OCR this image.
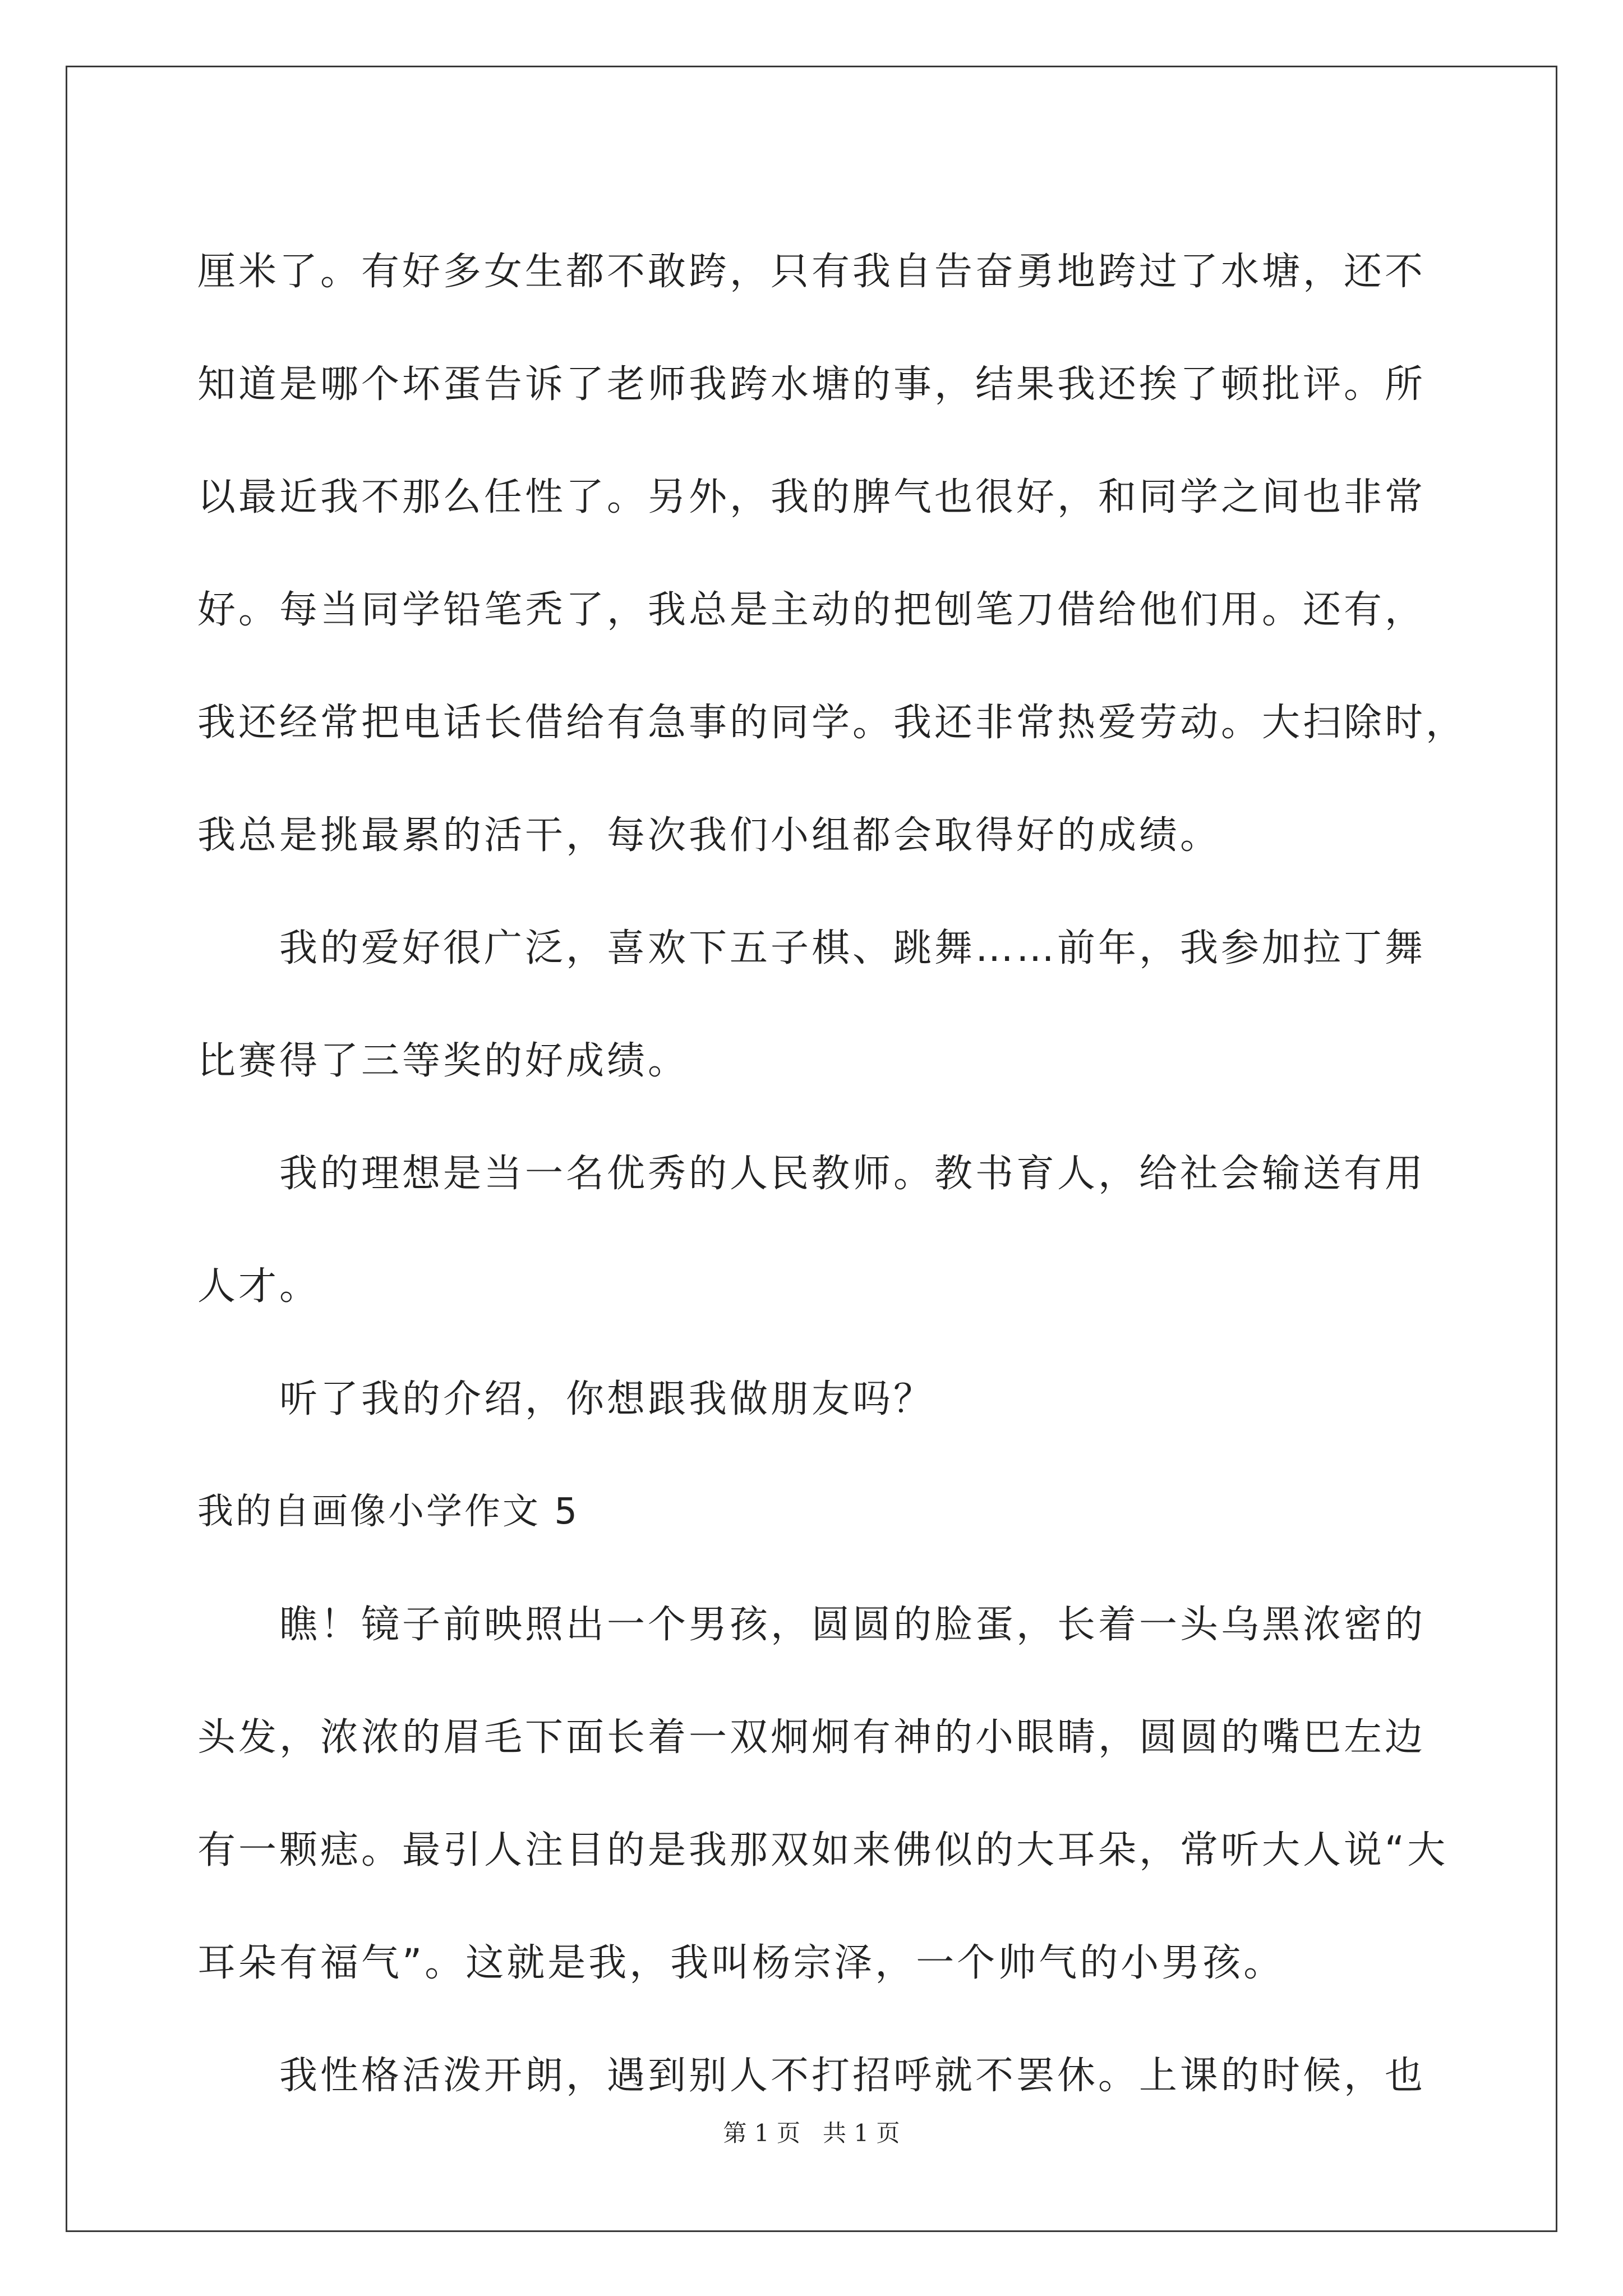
厘米了。有好多女生都不敢跨，只有我自告奋勇地跨过了水塘，还不
知道是哪个坏蛋告诉了老师我跨水塘的事，结果我还挨了顿批评。所
以最近我不那么任性了。另外，我的脾气也很好，和同学之间也非常
好。每当同学铅笔秃了，我总是主动的把刨笔刀借给他们用。还有，
我还经常把电话长借给有急事的同学。我还非常热爱劳动。大扫除时，
我总是挑最累的活干，每次我们小组都会取得好的成绩。
我的爱好很广泛，喜欢下五子棋、跳舞……前年，我参加拉丁舞
比赛得了三等奖的好成绩。
我的理想是当一名优秀的人民教师。教书育人，给社会输送有用
人才。
听了我的介绍，你想跟我做朋友吗？
我的自画像小学作文 5
瞧！镜子前映照出一个男孩，圆圆的脸蛋，长着一头乌黑浓密的
头发，浓浓的眉毛下面长着一双炯炯有神的小眼睛，圆圆的嘴巴左边
有一颗痣。最引人注目的是我那双如来佛似的大耳朵，常听大人说“大
耳朵有福气”。这就是我，我叫杨宗泽，一个帅气的小男孩。
我性格活泼开朗，遇到别人不打招呼就不罢休。上课的时候，也
第 1 页   共 1 页
